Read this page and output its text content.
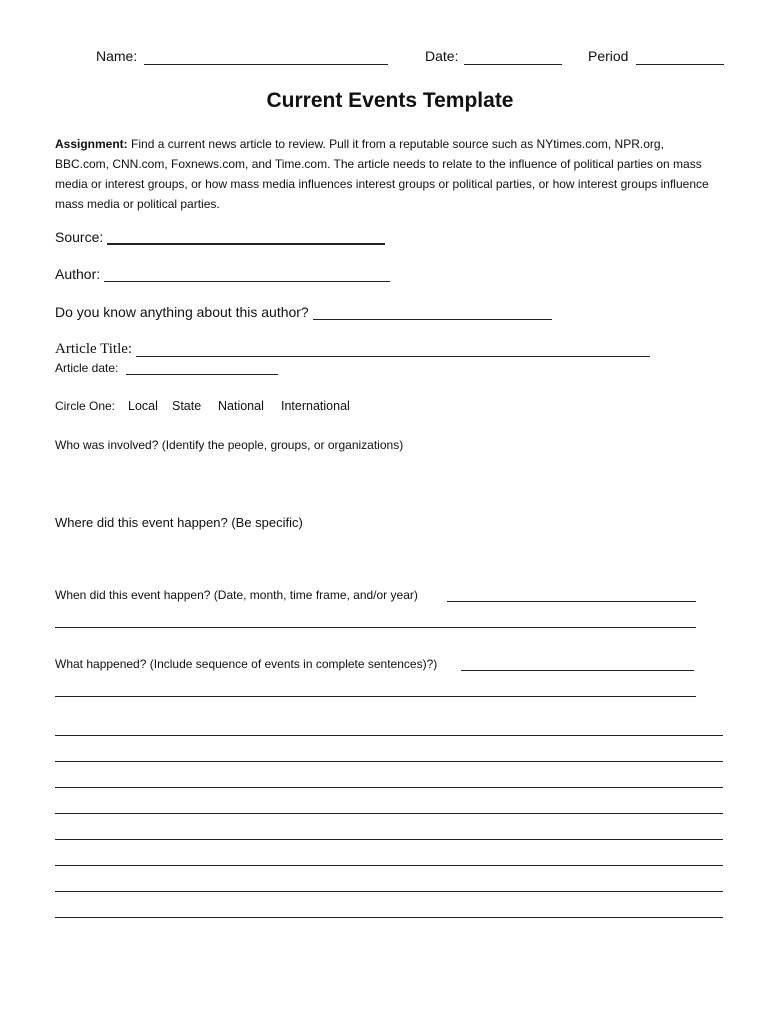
Name:	Date:	Period
Current Events Template
Assignment: Find a current news article to review. Pull it from a reputable source such as NYtimes.com, NPR.org, BBC.com, CNN.com, Foxnews.com, and Time.com. The article needs to relate to the influence of political parties on mass media or interest groups, or how mass media influences interest groups or political parties, or how interest groups influence mass media or political parties.
Source:
Author:
Do you know anything about this author?
Article Title:
Article date:
Circle One: Local State National International
Who was involved? (Identify the people, groups, or organizations)
Where did this event happen? (Be specific)
When did this event happen? (Date, month, time frame, and/or year)
What happened? (Include sequence of events in complete sentences)?)
